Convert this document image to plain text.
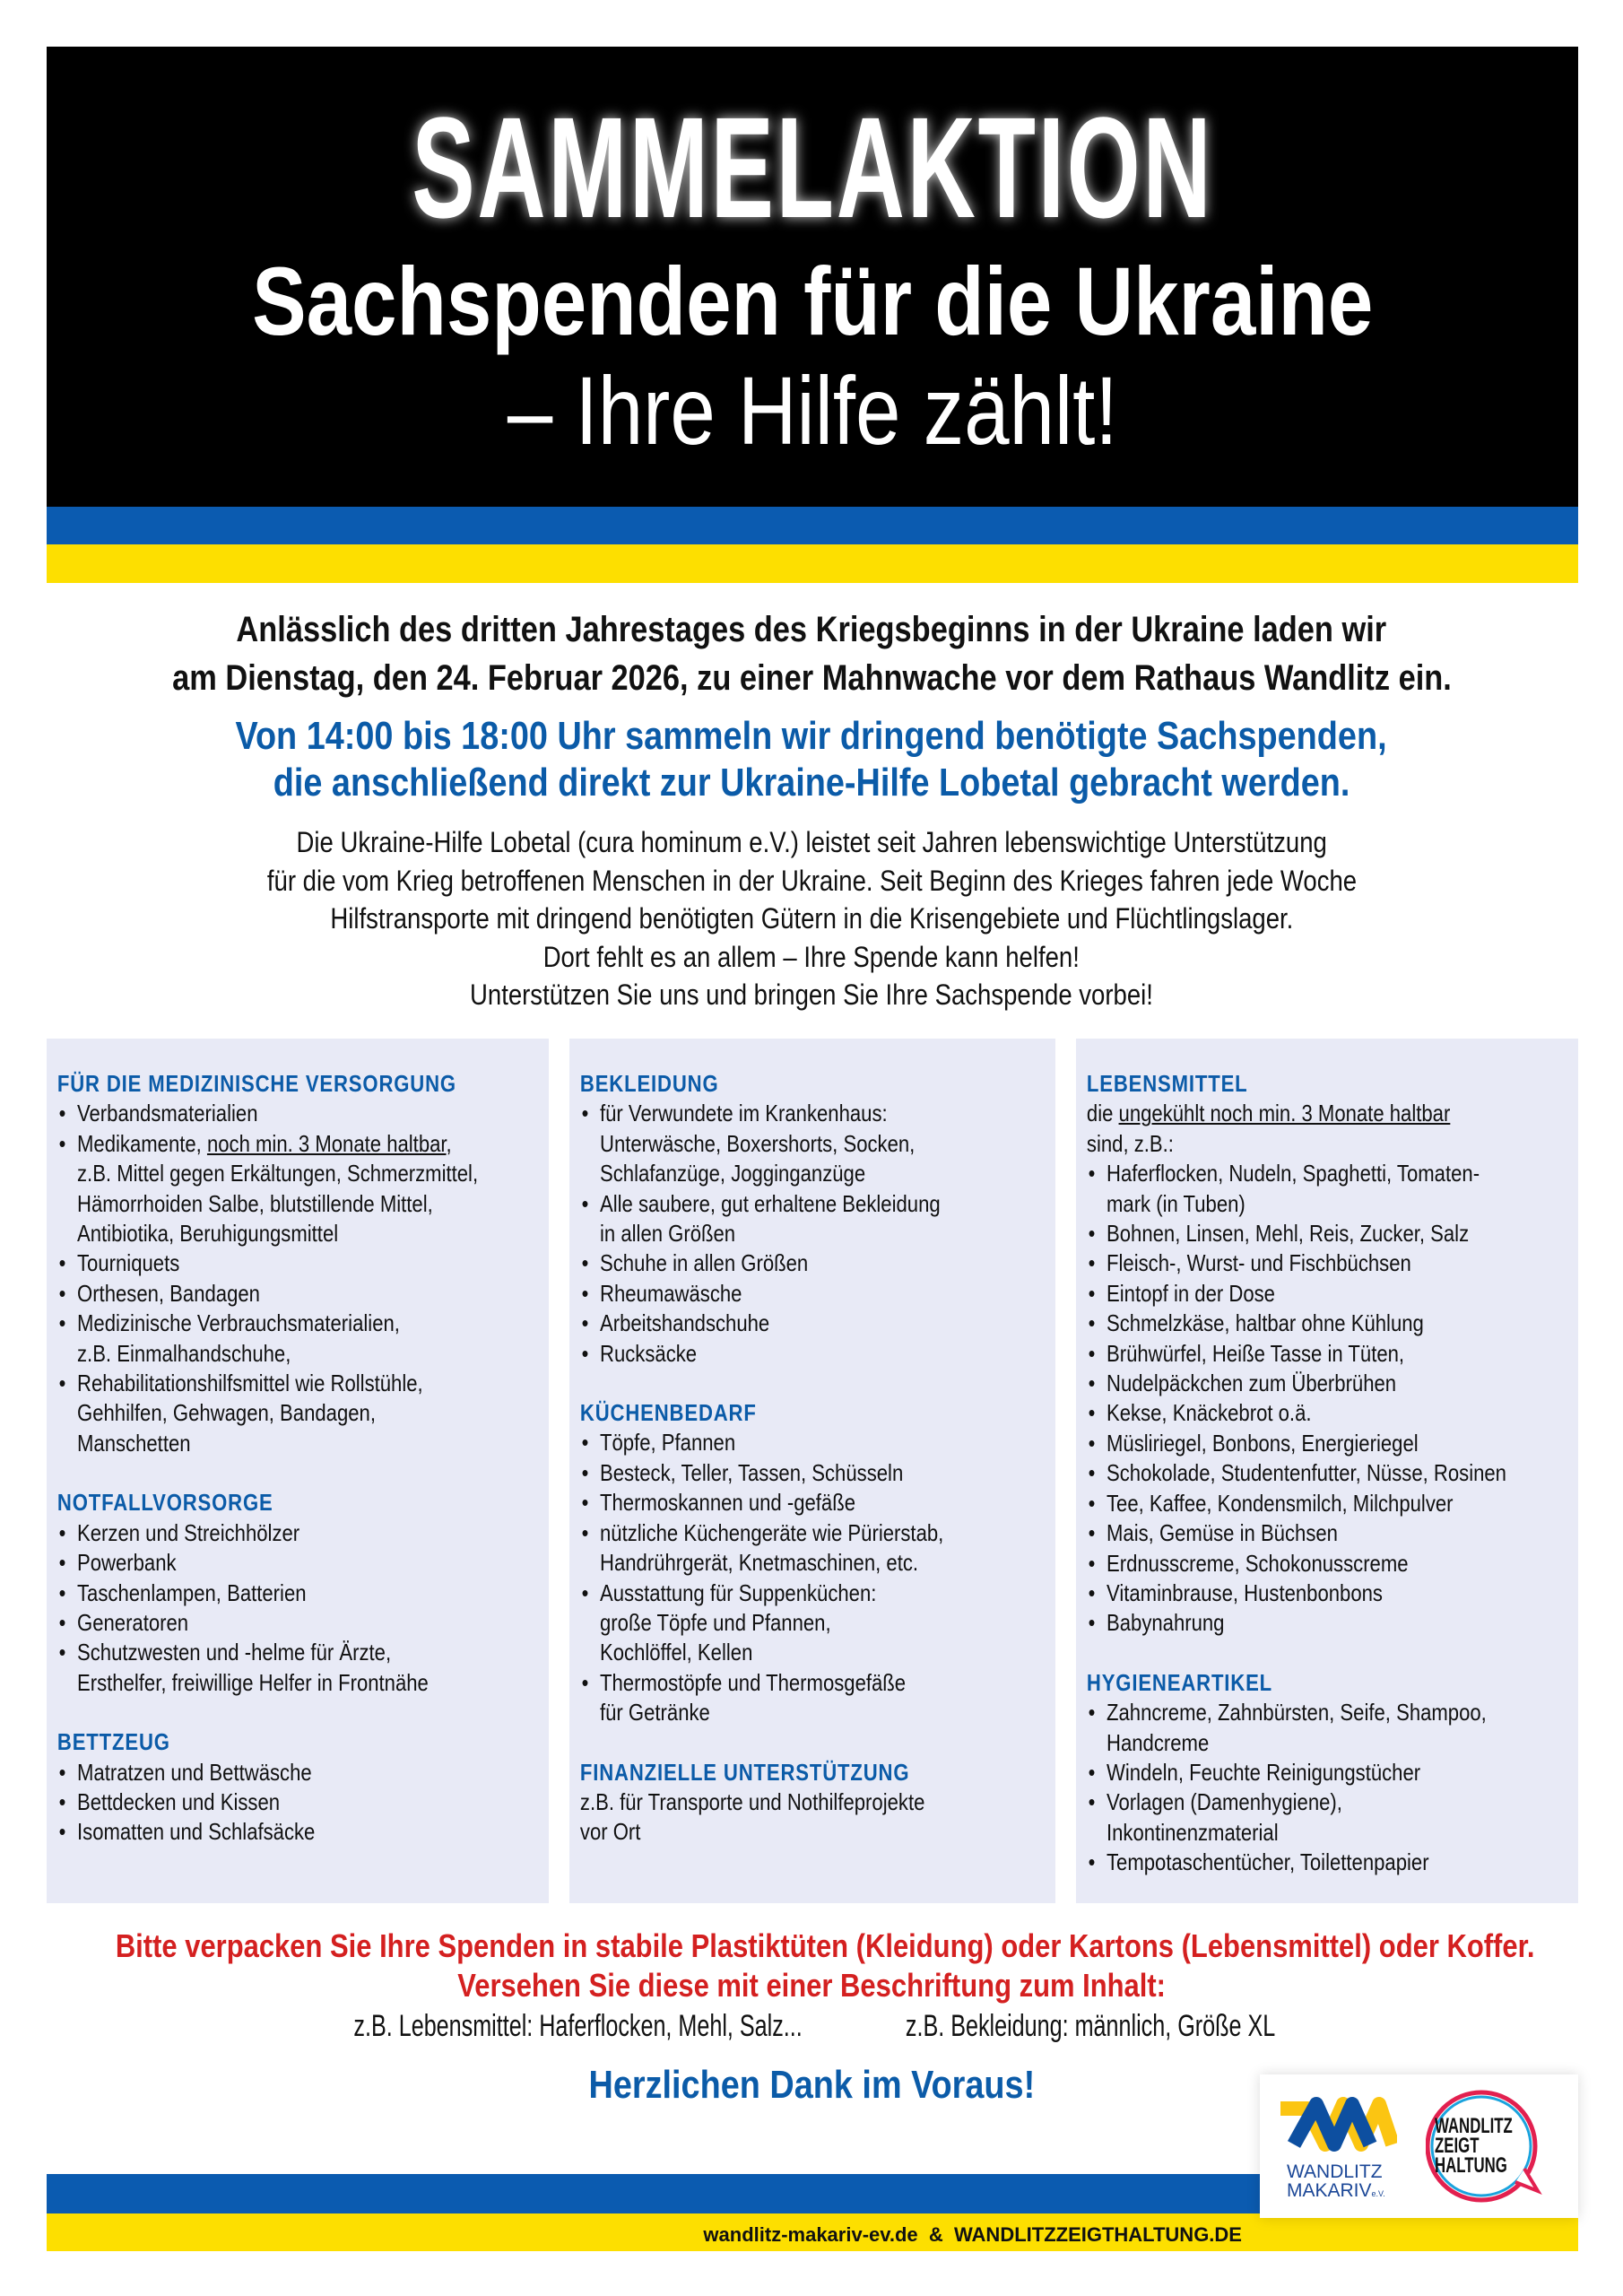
SAMMELAKTION
Sachspenden für die Ukraine
– Ihre Hilfe zählt!
Anlässlich des dritten Jahrestages des Kriegsbeginns in der Ukraine laden wir
am Dienstag, den 24. Februar 2026, zu einer Mahnwache vor dem Rathaus Wandlitz ein.
Von 14:00 bis 18:00 Uhr sammeln wir dringend benötigte Sachspenden,
die anschließend direkt zur Ukraine-Hilfe Lobetal gebracht werden.
Die Ukraine-Hilfe Lobetal (cura hominum e.V.) leistet seit Jahren lebenswichtige Unterstützung
für die vom Krieg betroffenen Menschen in der Ukraine. Seit Beginn des Krieges fahren jede Woche
Hilfstransporte mit dringend benötigten Gütern in die Krisengebiete und Flüchtlingslager.
Dort fehlt es an allem – Ihre Spende kann helfen!
Unterstützen Sie uns und bringen Sie Ihre Sachspende vorbei!
FÜR DIE MEDIZINISCHE VERSORGUNG
• Verbandsmaterialien
• Medikamente, noch min. 3 Monate haltbar,
z.B. Mittel gegen Erkältungen, Schmerzmittel,
Hämorrhoiden Salbe, blutstillende Mittel,
Antibiotika, Beruhigungsmittel
• Tourniquets
• Orthesen, Bandagen
• Medizinische Verbrauchsmaterialien,
z.B. Einmalhandschuhe,
• Rehabilitationshilfsmittel wie Rollstühle,
Gehhilfen, Gehwagen, Bandagen,
Manschetten
NOTFALLVORSORGE
• Kerzen und Streichhölzer
• Powerbank
• Taschenlampen, Batterien
• Generatoren
• Schutzwesten und -helme für Ärzte,
Ersthelfer, freiwillige Helfer in Frontnähe
BETTZEUG
• Matratzen und Bettwäsche
• Bettdecken und Kissen
• Isomatten und Schlafsäcke
BEKLEIDUNG
• für Verwundete im Krankenhaus:
Unterwäsche, Boxershorts, Socken,
Schlafanzüge, Jogginganzüge
• Alle saubere, gut erhaltene Bekleidung
in allen Größen
• Schuhe in allen Größen
• Rheumawäsche
• Arbeitshandschuhe
• Rucksäcke
KÜCHENBEDARF
• Töpfe, Pfannen
• Besteck, Teller, Tassen, Schüsseln
• Thermoskannen und -gefäße
• nützliche Küchengeräte wie Pürierstab,
Handrührgerät, Knetmaschinen, etc.
• Ausstattung für Suppenküchen:
große Töpfe und Pfannen,
Kochlöffel, Kellen
• Thermostöpfe und Thermosgefäße
für Getränke
FINANZIELLE UNTERSTÜTZUNG
z.B. für Transporte und Nothilfeprojekte
vor Ort
LEBENSMITTEL
die ungekühlt noch min. 3 Monate haltbar
sind, z.B.:
• Haferflocken, Nudeln, Spaghetti, Tomaten-
mark (in Tuben)
• Bohnen, Linsen, Mehl, Reis, Zucker, Salz
• Fleisch-, Wurst- und Fischbüchsen
• Eintopf in der Dose
• Schmelzkäse, haltbar ohne Kühlung
• Brühwürfel, Heiße Tasse in Tüten,
• Nudelpäckchen zum Überbrühen
• Kekse, Knäckebrot o.ä.
• Müsliriegel, Bonbons, Energieriegel
• Schokolade, Studentenfutter, Nüsse, Rosinen
• Tee, Kaffee, Kondensmilch, Milchpulver
• Mais, Gemüse in Büchsen
• Erdnusscreme, Schokonusscreme
• Vitaminbrause, Hustenbonbons
• Babynahrung
HYGIENEARTIKEL
• Zahncreme, Zahnbürsten, Seife, Shampoo,
Handcreme
• Windeln, Feuchte Reinigungstücher
• Vorlagen (Damenhygiene),
Inkontinenzmaterial
• Tempotaschentücher, Toilettenpapier
Bitte verpacken Sie Ihre Spenden in stabile Plastiktüten (Kleidung) oder Kartons (Lebensmittel) oder Koffer.
Versehen Sie diese mit einer Beschriftung zum Inhalt:
z.B. Lebensmittel: Haferflocken, Mehl, Salz...	z.B. Bekleidung: männlich, Größe XL
Herzlichen Dank im Voraus!
wandlitz-makariv-ev.de  &  WANDLITZZEIGTHALTUNG.DE
WANDLITZ
MAKARIVe.V.
WANDLITZ
ZEIGT
HALTUNG
